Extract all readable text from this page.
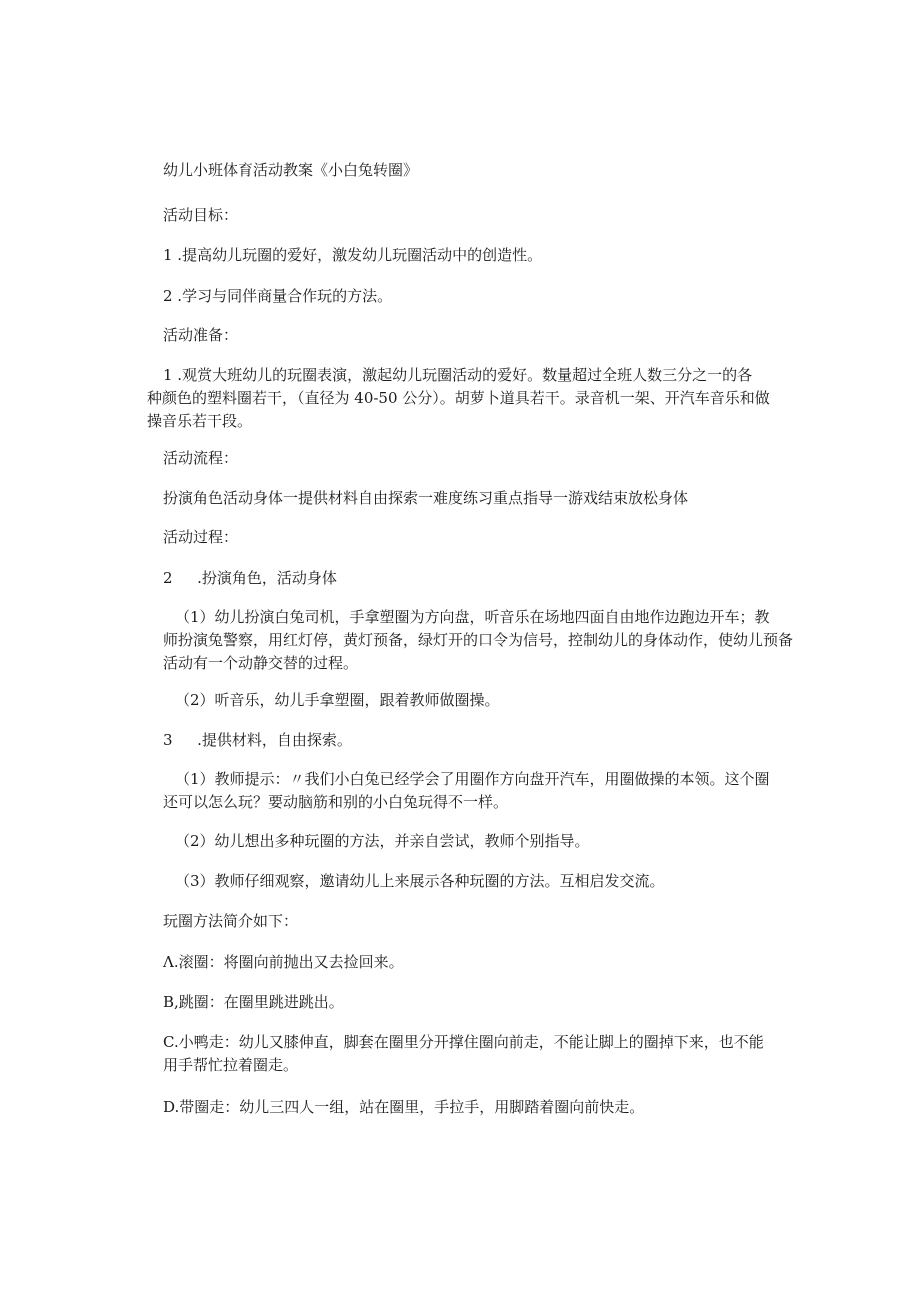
幼儿小班体育活动教案《小白兔转圈》
活动目标：
1 .提高幼儿玩圈的爱好，激发幼儿玩圈活动中的创造性。
2 .学习与同伴商量合作玩的方法。
活动准备：
1 .观赏大班幼儿的玩圈表演，激起幼儿玩圈活动的爱好。数量超过全班人数三分之一的各
种颜色的塑料圈若干，（直径为 40-50 公分）。胡萝卜道具若干。录音机一架、开汽车音乐和做
操音乐若干段。
活动流程：
扮演角色活动身体一提供材料自由探索一难度练习重点指导一游戏结束放松身体
活动过程：
2 　 .扮演角色，活动身体
（1）幼儿扮演白兔司机，手拿塑圈为方向盘，听音乐在场地四面自由地作边跑边开车；教
师扮演兔警察，用红灯停，黄灯预备，绿灯开的口令为信号，控制幼儿的身体动作，使幼儿预备
活动有一个动静交替的过程。
（2）听音乐，幼儿手拿塑圈，跟着教师做圈操。
3 　 .提供材料，自由探索。
（1）教师提示：〃我们小白兔已经学会了用圈作方向盘开汽车，用圈做操的本领。这个圈
还可以怎么玩？要动脑筋和别的小白兔玩得不一样。
（2）幼儿想出多种玩圈的方法，并亲自尝试，教师个别指导。
（3）教师仔细观察，邀请幼儿上来展示各种玩圈的方法。互相启发交流。
玩圈方法简介如下：
Λ.滚圈：将圈向前抛出又去捡回来。
B,跳圈：在圈里跳进跳出。
C.小鸭走：幼儿又膝伸直，脚套在圈里分开撑住圈向前走，不能让脚上的圈掉下来，也不能
用手帮忙拉着圈走。
D.带圈走：幼儿三四人一组，站在圈里，手拉手，用脚踏着圈向前快走。
